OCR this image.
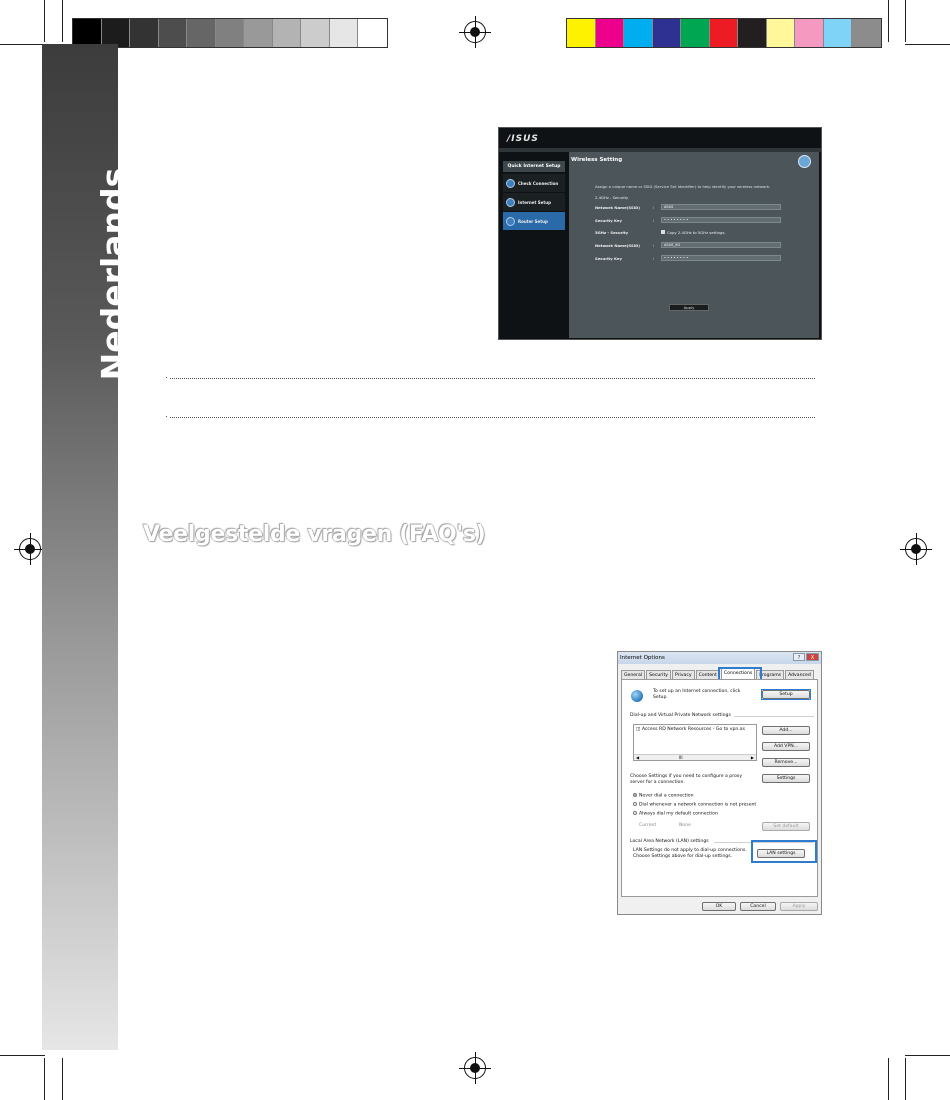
Nederlands
/ISUS
Quick Internet Setup
Check Connection
Internet Setup
Router Setup
Wireless Setting
Assign a unique name or SSID (Service Set Identifier) to help identify your wireless network.
2.4GHz - Security
Network Name(SSID)	I	ASUS
Security Key	I	• • • • • • • •
5GHz - Security	Copy 2.4GHz to 5GHz settings.
Network Name(SSID)	I	ASUS_5G
Security Key	I	• • • • • • • •
Apply
Veelgestelde vragen (FAQ's)
Internet Options	?	X
General	Security	Privacy	Content	Connections	Programs	Advanced
To set up an Internet connection, click Setup.
Setup
Dial-up and Virtual Private Network settings
◫ Access RD Network Resources - Go to vpn.as
◀	III	▶
Add...
Add VPN...
Remove...
Choose Settings if you need to configure a proxy server for a connection.
Settings
Never dial a connection
Dial whenever a network connection is not present
Always dial my default connection
Current	None	Set default
Local Area Network (LAN) settings
LAN Settings do not apply to dial-up connections. Choose Settings above for dial-up settings.
LAN settings
OK	Cancel	Apply
